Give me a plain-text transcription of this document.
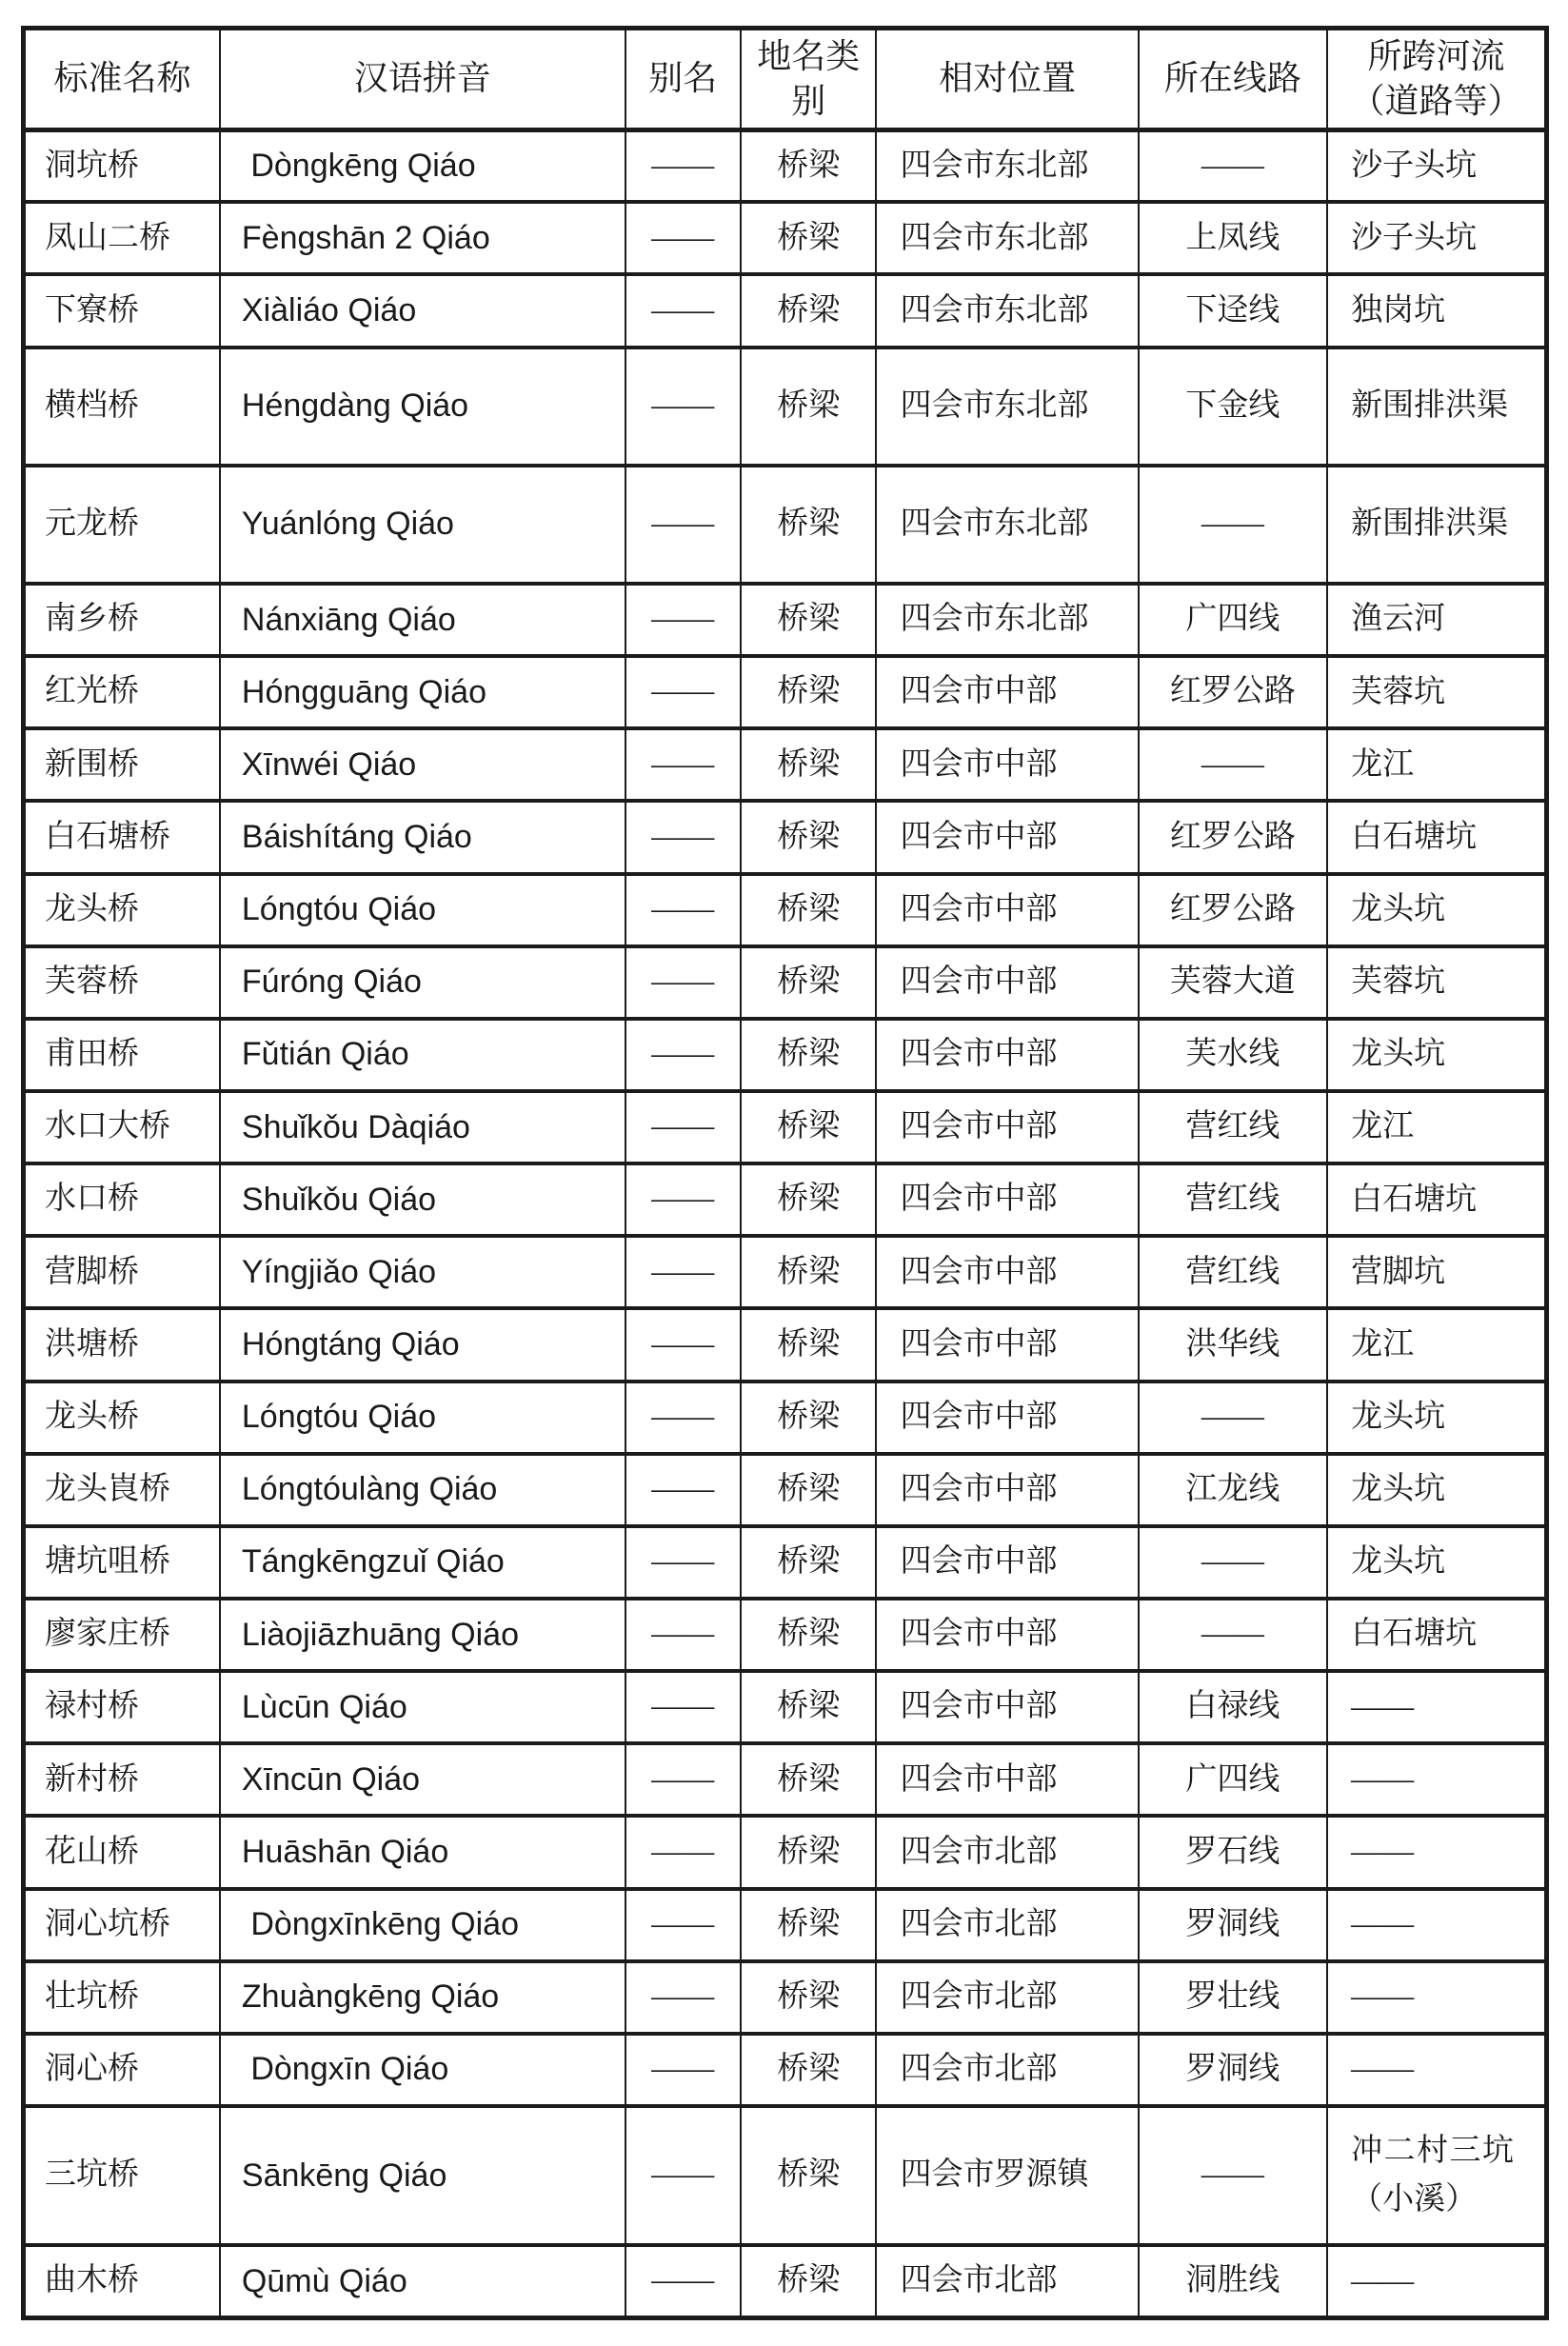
标准名称	汉语拼音	别名	地名类别	相对位置	所在线路	所跨河流（道路等）
洞坑桥	Dòngkēng Qiáo	——	桥梁	四会市东北部	——	沙子头坑
凤山二桥	Fèngshān 2 Qiáo	——	桥梁	四会市东北部	上凤线	沙子头坑
下寮桥	Xiàliáo Qiáo	——	桥梁	四会市东北部	下迳线	独岗坑
横档桥	Héngdàng Qiáo	——	桥梁	四会市东北部	下金线	新围排洪渠
元龙桥	Yuánlóng Qiáo	——	桥梁	四会市东北部	——	新围排洪渠
南乡桥	Nánxiāng Qiáo	——	桥梁	四会市东北部	广四线	渔云河
红光桥	Hóngguāng Qiáo	——	桥梁	四会市中部	红罗公路	芙蓉坑
新围桥	Xīnwéi Qiáo	——	桥梁	四会市中部	——	龙江
白石塘桥	Báishítáng Qiáo	——	桥梁	四会市中部	红罗公路	白石塘坑
龙头桥	Lóngtóu Qiáo	——	桥梁	四会市中部	红罗公路	龙头坑
芙蓉桥	Fúróng Qiáo	——	桥梁	四会市中部	芙蓉大道	芙蓉坑
甫田桥	Fǔtián Qiáo	——	桥梁	四会市中部	芙水线	龙头坑
水口大桥	Shuǐkǒu Dàqiáo	——	桥梁	四会市中部	营红线	龙江
水口桥	Shuǐkǒu Qiáo	——	桥梁	四会市中部	营红线	白石塘坑
营脚桥	Yíngjiǎo Qiáo	——	桥梁	四会市中部	营红线	营脚坑
洪塘桥	Hóngtáng Qiáo	——	桥梁	四会市中部	洪华线	龙江
龙头桥	Lóngtóu Qiáo	——	桥梁	四会市中部	——	龙头坑
龙头崀桥	Lóngtóulàng Qiáo	——	桥梁	四会市中部	江龙线	龙头坑
塘坑咀桥	Tángkēngzuǐ Qiáo	——	桥梁	四会市中部	——	龙头坑
廖家庄桥	Liàojiāzhuāng Qiáo	——	桥梁	四会市中部	——	白石塘坑
禄村桥	Lùcūn Qiáo	——	桥梁	四会市中部	白禄线	——
新村桥	Xīncūn Qiáo	——	桥梁	四会市中部	广四线	——
花山桥	Huāshān Qiáo	——	桥梁	四会市北部	罗石线	——
洞心坑桥	Dòngxīnkēng Qiáo	——	桥梁	四会市北部	罗洞线	——
壮坑桥	Zhuàngkēng Qiáo	——	桥梁	四会市北部	罗壮线	——
洞心桥	Dòngxīn Qiáo	——	桥梁	四会市北部	罗洞线	——
三坑桥	Sānkēng Qiáo	——	桥梁	四会市罗源镇	——	冲二村三坑（小溪）
曲木桥	Qūmù Qiáo	——	桥梁	四会市北部	洞胜线	——
